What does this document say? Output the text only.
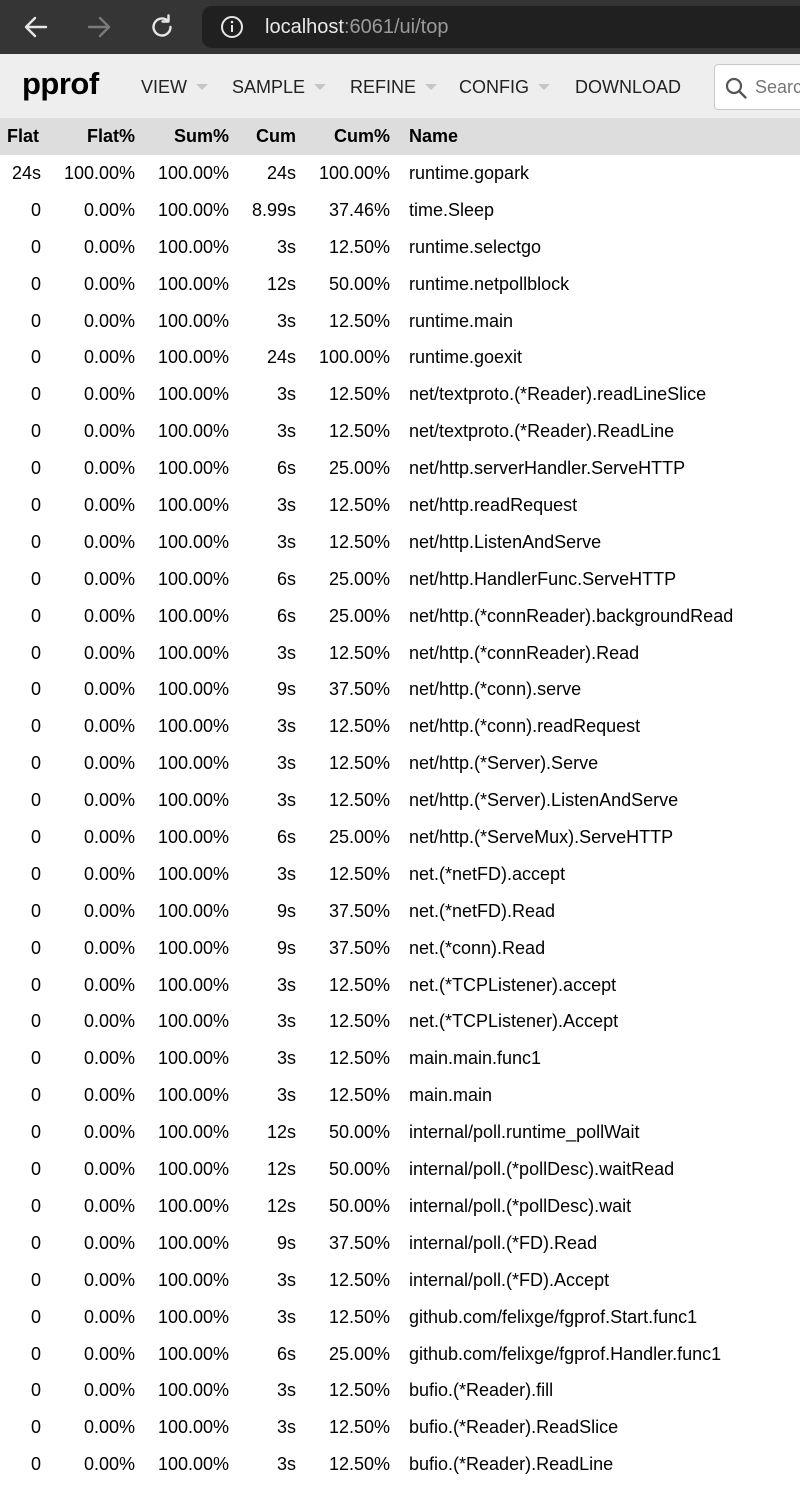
localhost:6061/ui/top
pprof VIEW SAMPLE REFINE CONFIG	DOWNLOAD
Search regexp
Flat	Flat% Sum% Cum Cum% Name
24s 100.00% 100.00% 24s 100.00% runtime.gopark
0 0.00% 100.00% 8.99s 37.46% time.Sleep
0 0.00% 100.00%	3s 12.50% runtime.selectgo
0 0.00% 100.00% 12s 50.00% runtime.netpollblock
0 0.00% 100.00%	3s 12.50% runtime.main
0 0.00% 100.00% 24s 100.00% runtime.goexit
0 0.00% 100.00%	3s 12.50% net/textproto.(*Reader).readLineSlice
0 0.00% 100.00%	3s 12.50% net/textproto.(*Reader).ReadLine
0 0.00% 100.00%	6s 25.00% net/http.serverHandler.ServeHTTP
0 0.00% 100.00%	3s 12.50% net/http.readRequest
0 0.00% 100.00%	3s 12.50% net/http.ListenAndServe
0 0.00% 100.00%	6s 25.00% net/http.HandlerFunc.ServeHTTP
0 0.00% 100.00%	6s 25.00% net/http.(*connReader).backgroundRead
0 0.00% 100.00%	3s 12.50% net/http.(*connReader).Read
0 0.00% 100.00%	9s 37.50% net/http.(*conn).serve
0 0.00% 100.00%	3s 12.50% net/http.(*conn).readRequest
0 0.00% 100.00%	3s 12.50% net/http.(*Server).Serve
0 0.00% 100.00%	3s 12.50% net/http.(*Server).ListenAndServe
0 0.00% 100.00%	6s 25.00% net/http.(*ServeMux).ServeHTTP
0 0.00% 100.00%	3s 12.50% net.(*netFD).accept
0 0.00% 100.00%	9s 37.50% net.(*netFD).Read
0 0.00% 100.00%	9s 37.50% net.(*conn).Read
0 0.00% 100.00%	3s 12.50% net.(*TCPListener).accept
0 0.00% 100.00%	3s 12.50% net.(*TCPListener).Accept
0 0.00% 100.00%	3s 12.50% main.main.func1
0 0.00% 100.00%	3s 12.50% main.main
0 0.00% 100.00% 12s 50.00% internal/poll.runtime_pollWait
0 0.00% 100.00% 12s 50.00% internal/poll.(*pollDesc).waitRead
0 0.00% 100.00% 12s 50.00% internal/poll.(*pollDesc).wait
0 0.00% 100.00%	9s 37.50% internal/poll.(*FD).Read
0 0.00% 100.00%	3s 12.50% internal/poll.(*FD).Accept
0 0.00% 100.00%	3s 12.50% github.com/felixge/fgprof.Start.func1
0 0.00% 100.00%	6s 25.00% github.com/felixge/fgprof.Handler.func1
0 0.00% 100.00%	3s 12.50% bufio.(*Reader).fill
0 0.00% 100.00%	3s 12.50% bufio.(*Reader).ReadSlice
0 0.00% 100.00%	3s 12.50% bufio.(*Reader).ReadLine
